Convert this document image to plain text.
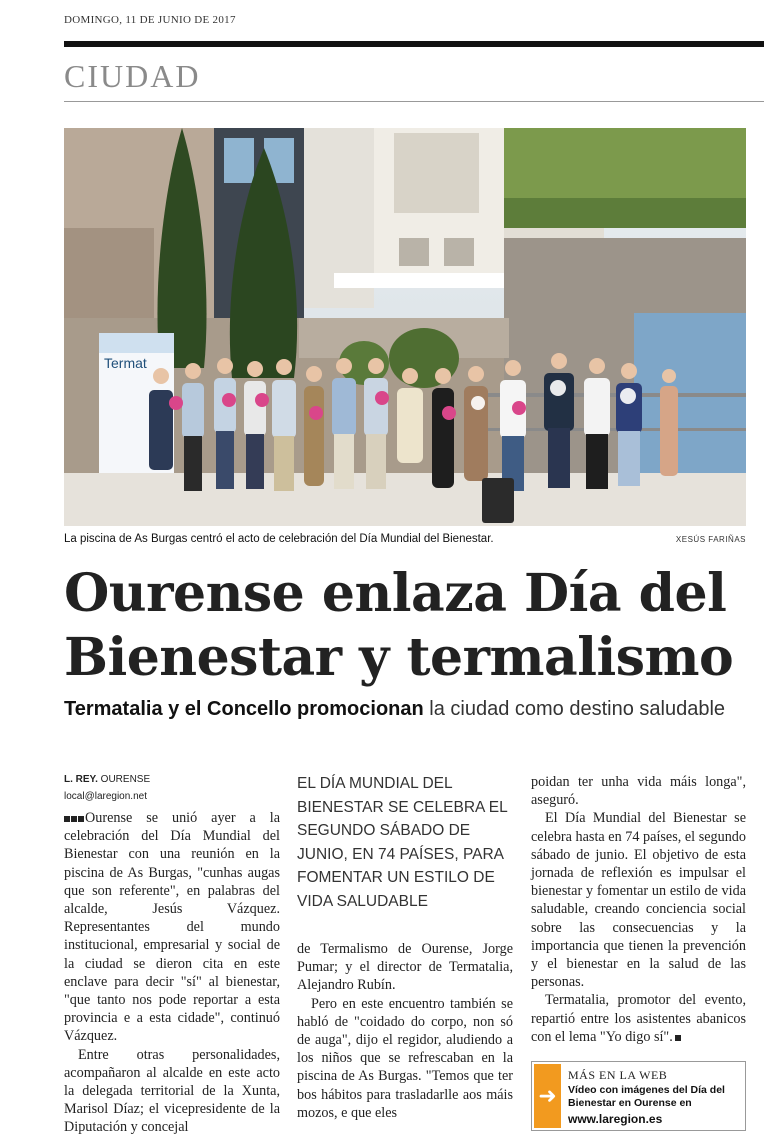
DOMINGO, 11 DE JUNIO DE 2017
CIUDAD
Termat
La piscina de As Burgas centró el acto de celebración del Día Mundial del Bienestar.	XESÚS FARIÑAS
Ourense enlaza Día del
Bienestar y termalismo
Termatalia y el Concello promocionan la ciudad como destino saludable
L. REY. OURENSE
local@laregion.net

Ourense se unió ayer a la celebración del Día Mundial del Bienestar con una reunión en la piscina de As Burgas, "cunhas augas que son referente", en palabras del alcalde, Jesús Vázquez. Representantes del mundo institucional, empresarial y social de la ciudad se dieron cita en este enclave para decir "sí" al bienestar, "que tanto nos pode reportar a esta provincia e a esta cidade", continuó Vázquez.

Entre otras personalidades, acompañaron al alcalde en este acto la delegada territorial de la Xunta, Marisol Díaz; el vicepresidente de la Diputación y concejal

EL DÍA MUNDIAL DEL BIENESTAR SE CELEBRA EL SEGUNDO SÁBADO DE JUNIO, EN 74 PAÍSES, PARA FOMENTAR UN ESTILO DE VIDA SALUDABLE

de Termalismo de Ourense, Jorge Pumar; y el director de Termatalia, Alejandro Rubín.

Pero en este encuentro también se habló de "coidado do corpo, non só de auga", dijo el regidor, aludiendo a los niños que se refrescaban en la piscina de As Burgas. "Temos que ter bos hábitos para trasladarlle aos máis mozos, e que eles

poidan ter unha vida máis longa", aseguró.

El Día Mundial del Bienestar se celebra hasta en 74 países, el segundo sábado de junio. El objetivo de esta jornada de reflexión es impulsar el bienestar y fomentar un estilo de vida saludable, creando conciencia social sobre las consecuencias y la importancia que tienen la prevención y el bienestar en la salud de las personas.

Termatalia, promotor del evento, repartió entre los asistentes abanicos con el lema "Yo digo sí".

➜
MÁS EN LA WEB
Vídeo con imágenes del Día del Bienestar en Ourense en
www.laregion.es
